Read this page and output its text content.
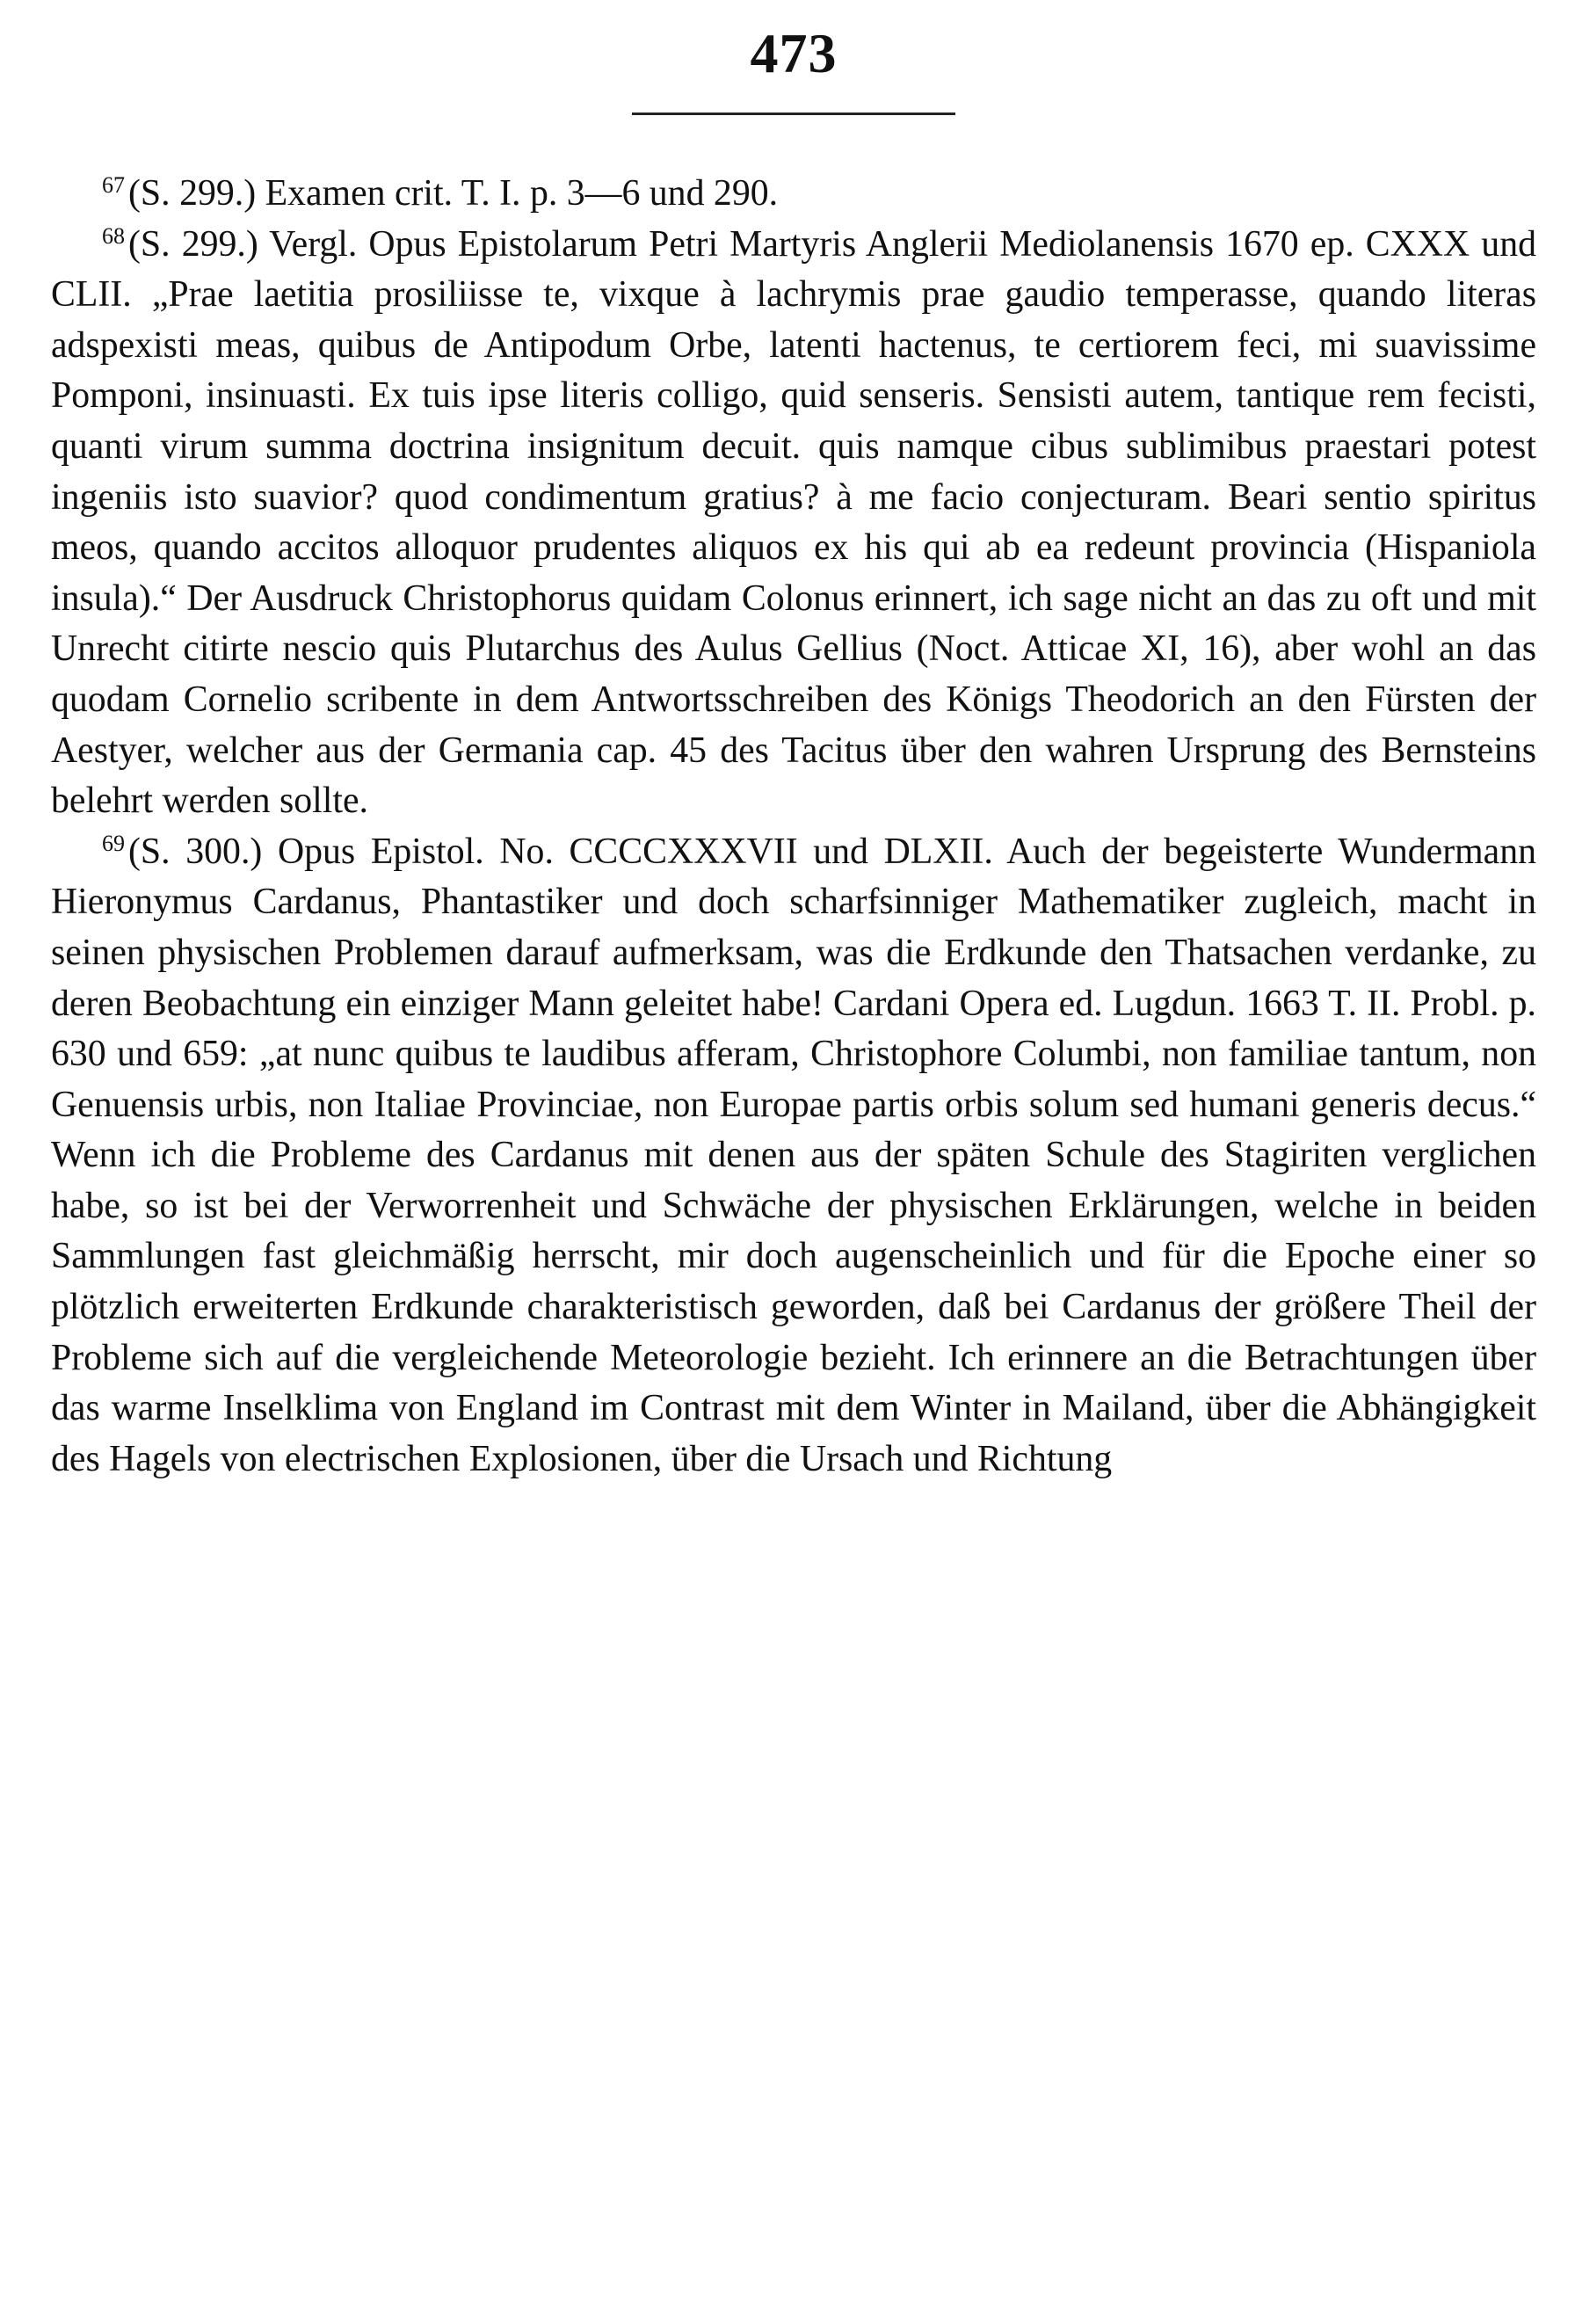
473

$^{67}$(S. 299.) Examen crit. T. I. p. 3—6 und 290.

$^{68}$(S. 299.) Vergl. Opus Epistolarum Petri Martyris Anglerii Mediolanensis 1670 ep. CXXX und CLII. „Prae laetitia prosiliisse te, vixque à lachrymis prae gaudio temperasse, quando literas adspexisti meas, quibus de Antipodum Orbe, latenti hactenus, te certiorem feci, mi suavissime Pomponi, insinuasti. Ex tuis ipse literis colligo, quid senseris. Sensisti autem, tantique rem fecisti, quanti virum summa doctrina insignitum decuit. quis namque cibus sublimibus praestari potest ingeniis isto suavior? quod condimentum gratius? à me facio conjecturam. Beari sentio spiritus meos, quando accitos alloquor prudentes aliquos ex his qui ab ea redeunt provincia (Hispaniola insula).“ Der Ausdruck Christophorus quidam Colonus erinnert, ich sage nicht an das zu oft und mit Unrecht citirte nescio quis Plutarchus des Aulus Gellius (Noct. Atticae XI, 16), aber wohl an das quodam Cornelio scribente in dem Antwortsschreiben des Königs Theodorich an den Fürsten der Aestyer, welcher aus der Germania cap. 45 des Tacitus über den wahren Ursprung des Bernsteins belehrt werden sollte.

$^{69}$(S. 300.) Opus Epistol. No. CCCCXXXVII und DLXII. Auch der begeisterte Wundermann Hieronymus Cardanus, Phantastiker und doch scharfsinniger Mathematiker zugleich, macht in seinen physischen Problemen darauf aufmerksam, was die Erdkunde den Thatsachen verdanke, zu deren Beobachtung ein einziger Mann geleitet habe! Cardani Opera ed. Lugdun. 1663 T. II. Probl. p. 630 und 659: „at nunc quibus te laudibus afferam, Christophore Columbi, non familiae tantum, non Genuensis urbis, non Italiae Provinciae, non Europae partis orbis solum sed humani generis decus.“ Wenn ich die Probleme des Cardanus mit denen aus der späten Schule des Stagiriten verglichen habe, so ist bei der Verworrenheit und Schwäche der physischen Erklärungen, welche in beiden Sammlungen fast gleichmäßig herrscht, mir doch augenscheinlich und für die Epoche einer so plötzlich erweiterten Erdkunde charakteristisch geworden, daß bei Cardanus der größere Theil der Probleme sich auf die vergleichende Meteorologie bezieht. Ich erinnere an die Betrachtungen über das warme Inselklima von England im Contrast mit dem Winter in Mailand, über die Abhängigkeit des Hagels von electrischen Explosionen, über die Ursach und Richtung
